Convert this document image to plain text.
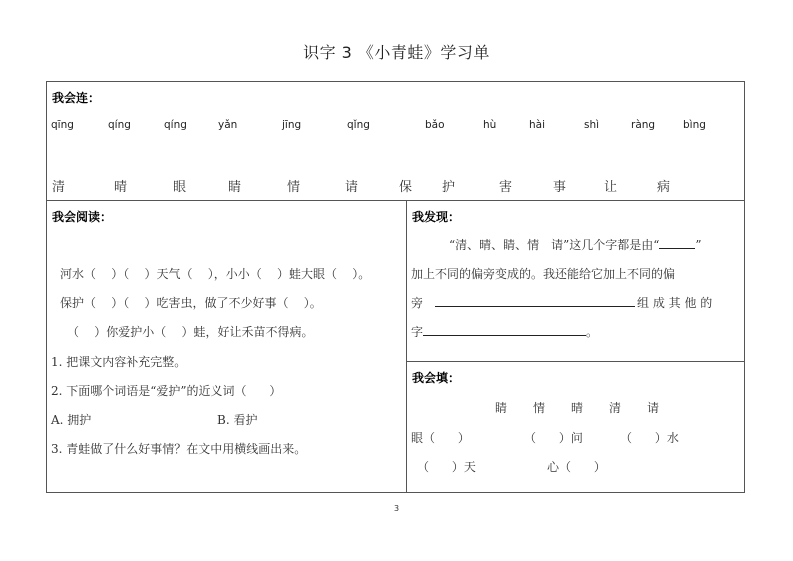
识字 3 《小青蛙》学习单
我会连：
qīng	qíng	qíng	yǎn	jīng	qǐng	bǎo	hù	hài	shì	ràng	bìng
清	晴	眼	睛	情	请	保 护	害	事	让	病
我会阅读：
河水（    ）（    ）天气（    ），小小（    ）蛙大眼（    ）。
保护（    ）（    ）吃害虫，做了不少好事（    ）。
（    ）你爱护小（    ）蛙，好让禾苗不得病。
1. 把课文内容补充完整。
2. 下面哪个词语是“爱护”的近义词（      ）
A. 拥护	B. 看护
3. 青蛙做了什么好事情？在文中用横线画出来。
我发现：
“清、晴、睛、情　请”这几个字都是由“	”
加上不同的偏旁变成的。我还能给它加上不同的偏
旁	组 成 其 他 的
字	。
我会填：
睛 情 晴 清 请
眼（      ）	（      ）问	（      ）水
（      ）天	心（      ）
3
